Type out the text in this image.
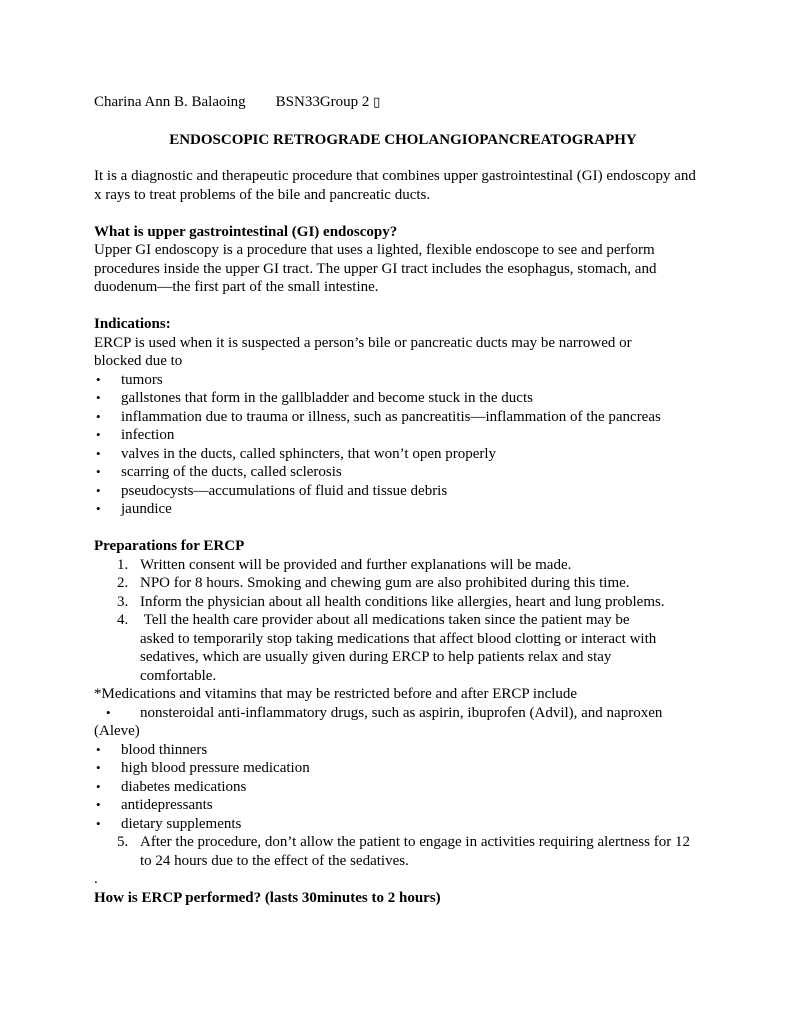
Charina Ann B. Balaoing BSN33Group 2 ▯
ENDOSCOPIC RETROGRADE CHOLANGIOPANCREATOGRAPHY

It is a diagnostic and therapeutic procedure that combines upper gastrointestinal (GI) endoscopy and x rays to treat problems of the bile and pancreatic ducts.

What is upper gastrointestinal (GI) endoscopy?

Upper GI endoscopy is a procedure that uses a lighted, flexible endoscope to see and perform procedures inside the upper GI tract. The upper GI tract includes the esophagus, stomach, and duodenum—the first part of the small intestine.

Indications:

ERCP is used when it is suspected a person’s bile or pancreatic ducts may be narrowed or blocked due to

• tumors
• gallstones that form in the gallbladder and become stuck in the ducts
• inflammation due to trauma or illness, such as pancreatitis—inflammation of the pancreas
• infection
• valves in the ducts, called sphincters, that won’t open properly
• scarring of the ducts, called sclerosis
• pseudocysts—accumulations of fluid and tissue debris
• jaundice

Preparations for ERCP

1. Written consent will be provided and further explanations will be made.
2. NPO for 8 hours. Smoking and chewing gum are also prohibited during this time.
3. Inform the physician about all health conditions like allergies, heart and lung problems.
4. Tell the health care provider about all medications taken since the patient may be asked to temporarily stop taking medications that affect blood clotting or interact with sedatives, which are usually given during ERCP to help patients relax and stay comfortable.

*Medications and vitamins that may be restricted before and after ERCP include

• nonsteroidal anti-inflammatory drugs, such as aspirin, ibuprofen (Advil), and naproxen (Aleve)
• blood thinners
• high blood pressure medication
• diabetes medications
• antidepressants
• dietary supplements
5. After the procedure, don’t allow the patient to engage in activities requiring alertness for 12 to 24 hours due to the effect of the sedatives.
.

How is ERCP performed? (lasts 30minutes to 2 hours)
